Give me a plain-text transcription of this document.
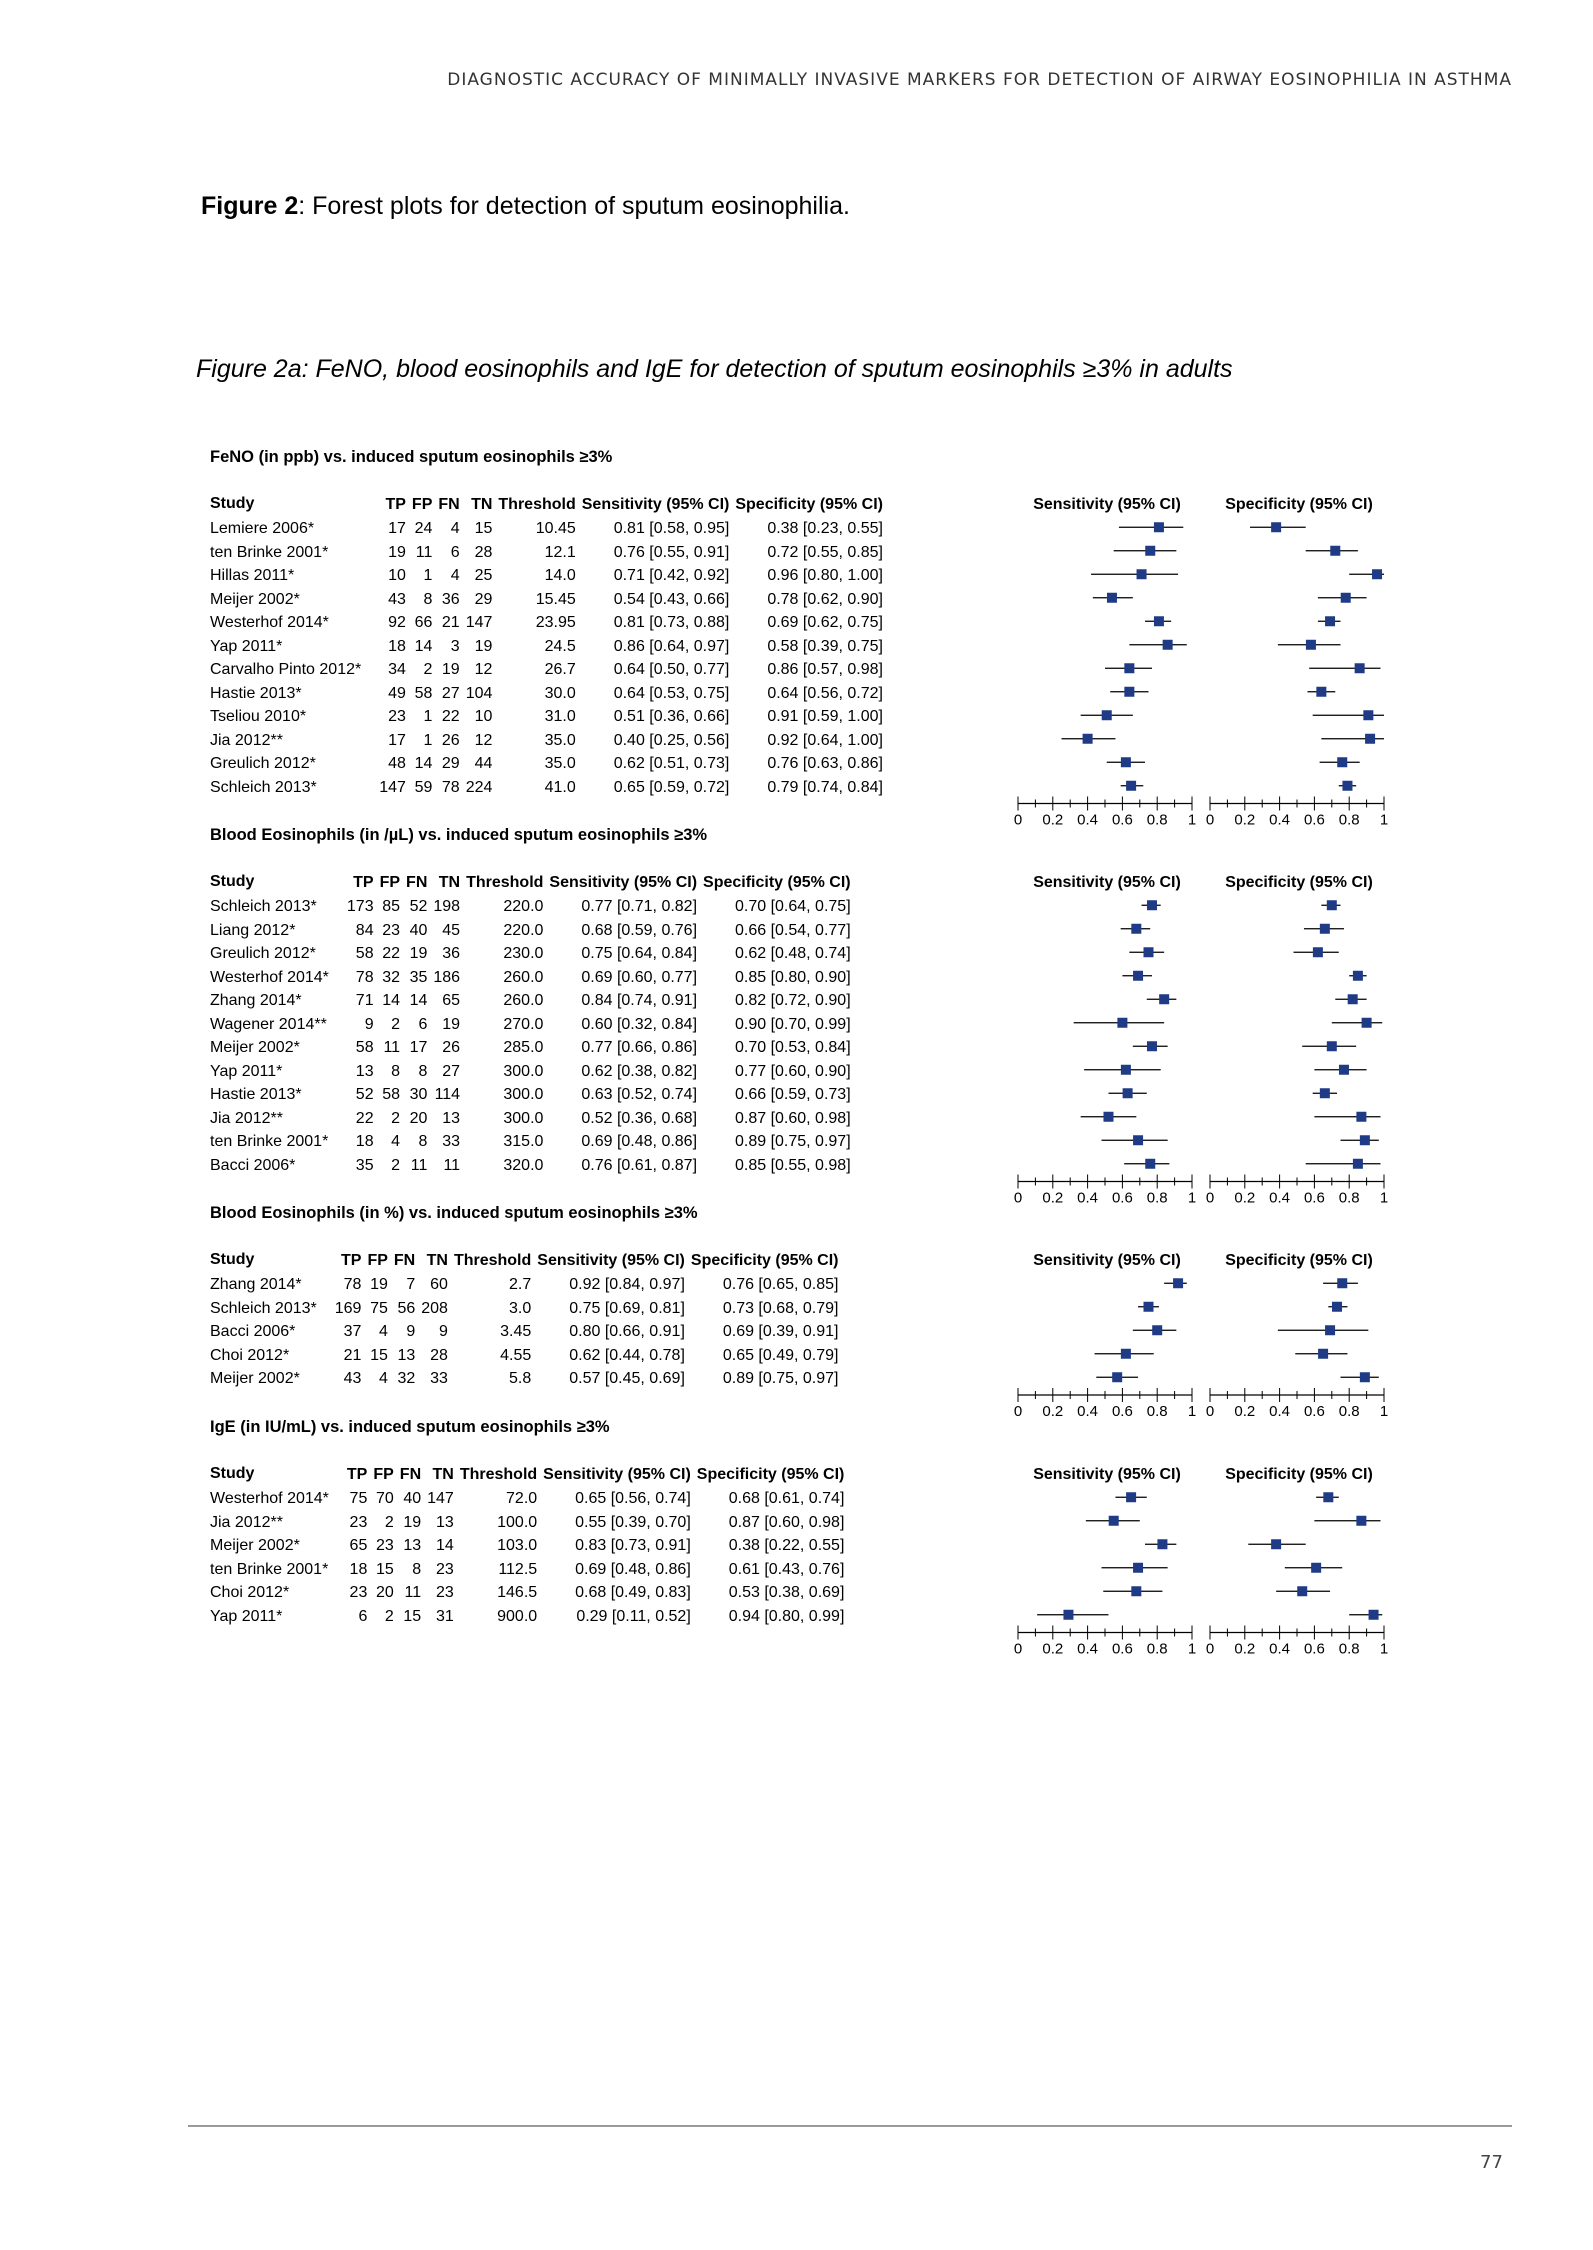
DIAGNOSTIC ACCURACY OF MINIMALLY INVASIVE MARKERS FOR DETECTION OF AIRWAY EOSINOPHILIA IN ASTHMA
Figure 2: Forest plots for detection of sputum eosinophilia.
Figure 2a: FeNO, blood eosinophils and IgE for detection of sputum eosinophils ≥3% in adults
FeNO (in ppb) vs. induced sputum eosinophils ≥3%
Study	TP	FP	FN	TN	Threshold	Sensitivity (95% CI)	Specificity (95% CI)
Lemiere 2006*	17	24	4	15	10.45	0.81 [0.58, 0.95]	0.38 [0.23, 0.55]
ten Brinke 2001*	19	11	6	28	12.1	0.76 [0.55, 0.91]	0.72 [0.55, 0.85]
Hillas 2011*	10	1	4	25	14.0	0.71 [0.42, 0.92]	0.96 [0.80, 1.00]
Meijer 2002*	43	8	36	29	15.45	0.54 [0.43, 0.66]	0.78 [0.62, 0.90]
Westerhof 2014*	92	66	21	147	23.95	0.81 [0.73, 0.88]	0.69 [0.62, 0.75]
Yap 2011*	18	14	3	19	24.5	0.86 [0.64, 0.97]	0.58 [0.39, 0.75]
Carvalho Pinto 2012*	34	2	19	12	26.7	0.64 [0.50, 0.77]	0.86 [0.57, 0.98]
Hastie 2013*	49	58	27	104	30.0	0.64 [0.53, 0.75]	0.64 [0.56, 0.72]
Tseliou 2010*	23	1	22	10	31.0	0.51 [0.36, 0.66]	0.91 [0.59, 1.00]
Jia 2012**	17	1	26	12	35.0	0.40 [0.25, 0.56]	0.92 [0.64, 1.00]
Greulich 2012*	48	14	29	44	35.0	0.62 [0.51, 0.73]	0.76 [0.63, 0.86]
Schleich 2013*	147	59	78	224	41.0	0.65 [0.59, 0.72]	0.79 [0.74, 0.84]
Sensitivity (95% CI)
0 0.2 0.4 0.6 0.8 1
Specificity (95% CI)
0 0.2 0.4 0.6 0.8 1
Blood Eosinophils (in /µL) vs. induced sputum eosinophils ≥3%
Study	TP	FP	FN	TN	Threshold	Sensitivity (95% CI)	Specificity (95% CI)
Schleich 2013*	173	85	52	198	220.0	0.77 [0.71, 0.82]	0.70 [0.64, 0.75]
Liang 2012*	84	23	40	45	220.0	0.68 [0.59, 0.76]	0.66 [0.54, 0.77]
Greulich 2012*	58	22	19	36	230.0	0.75 [0.64, 0.84]	0.62 [0.48, 0.74]
Westerhof 2014*	78	32	35	186	260.0	0.69 [0.60, 0.77]	0.85 [0.80, 0.90]
Zhang 2014*	71	14	14	65	260.0	0.84 [0.74, 0.91]	0.82 [0.72, 0.90]
Wagener 2014**	9	2	6	19	270.0	0.60 [0.32, 0.84]	0.90 [0.70, 0.99]
Meijer 2002*	58	11	17	26	285.0	0.77 [0.66, 0.86]	0.70 [0.53, 0.84]
Yap 2011*	13	8	8	27	300.0	0.62 [0.38, 0.82]	0.77 [0.60, 0.90]
Hastie 2013*	52	58	30	114	300.0	0.63 [0.52, 0.74]	0.66 [0.59, 0.73]
Jia 2012**	22	2	20	13	300.0	0.52 [0.36, 0.68]	0.87 [0.60, 0.98]
ten Brinke 2001*	18	4	8	33	315.0	0.69 [0.48, 0.86]	0.89 [0.75, 0.97]
Bacci 2006*	35	2	11	11	320.0	0.76 [0.61, 0.87]	0.85 [0.55, 0.98]
Sensitivity (95% CI)
0 0.2 0.4 0.6 0.8 1
Specificity (95% CI)
0 0.2 0.4 0.6 0.8 1
Blood Eosinophils (in %) vs. induced sputum eosinophils ≥3%
Study	TP	FP	FN	TN	Threshold	Sensitivity (95% CI)	Specificity (95% CI)
Zhang 2014*	78	19	7	60	2.7	0.92 [0.84, 0.97]	0.76 [0.65, 0.85]
Schleich 2013*	169	75	56	208	3.0	0.75 [0.69, 0.81]	0.73 [0.68, 0.79]
Bacci 2006*	37	4	9	9	3.45	0.80 [0.66, 0.91]	0.69 [0.39, 0.91]
Choi 2012*	21	15	13	28	4.55	0.62 [0.44, 0.78]	0.65 [0.49, 0.79]
Meijer 2002*	43	4	32	33	5.8	0.57 [0.45, 0.69]	0.89 [0.75, 0.97]
Sensitivity (95% CI)
0 0.2 0.4 0.6 0.8 1
Specificity (95% CI)
0 0.2 0.4 0.6 0.8 1
IgE (in IU/mL) vs. induced sputum eosinophils ≥3%
Study	TP	FP	FN	TN	Threshold	Sensitivity (95% CI)	Specificity (95% CI)
Westerhof 2014*	75	70	40	147	72.0	0.65 [0.56, 0.74]	0.68 [0.61, 0.74]
Jia 2012**	23	2	19	13	100.0	0.55 [0.39, 0.70]	0.87 [0.60, 0.98]
Meijer 2002*	65	23	13	14	103.0	0.83 [0.73, 0.91]	0.38 [0.22, 0.55]
ten Brinke 2001*	18	15	8	23	112.5	0.69 [0.48, 0.86]	0.61 [0.43, 0.76]
Choi 2012*	23	20	11	23	146.5	0.68 [0.49, 0.83]	0.53 [0.38, 0.69]
Yap 2011*	6	2	15	31	900.0	0.29 [0.11, 0.52]	0.94 [0.80, 0.99]
Sensitivity (95% CI)
0 0.2 0.4 0.6 0.8 1
Specificity (95% CI)
0 0.2 0.4 0.6 0.8 1
77
